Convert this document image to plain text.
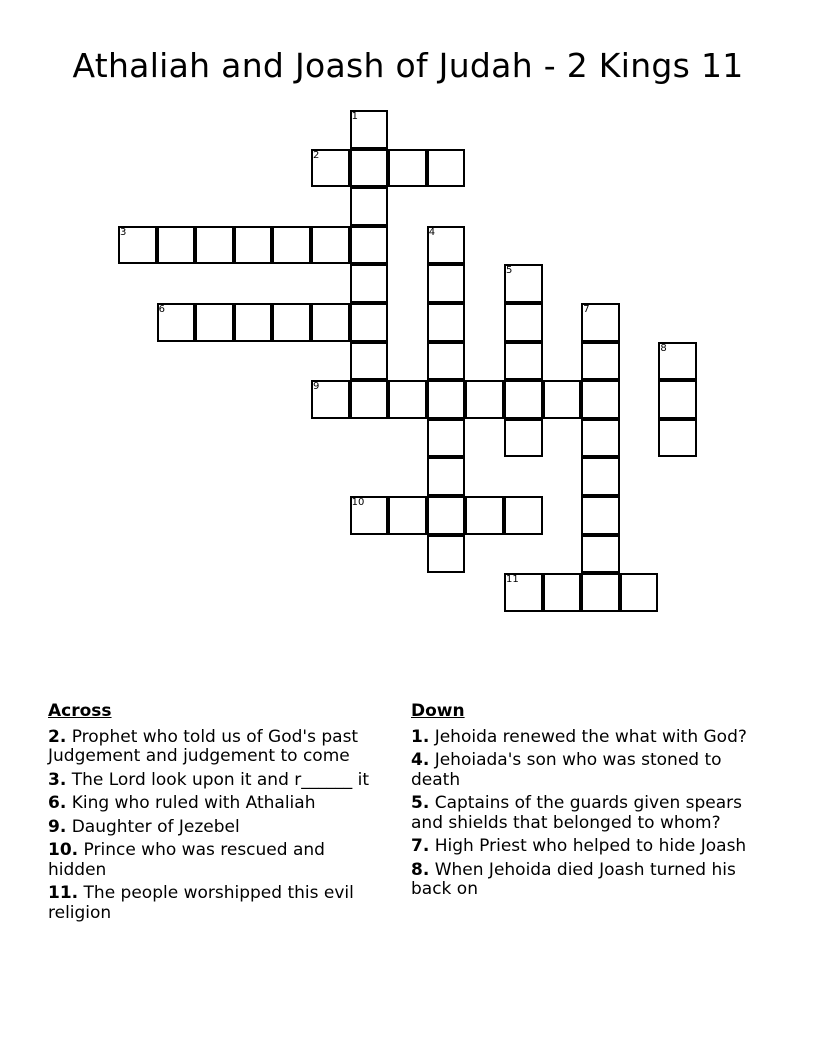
Athaliah and Joash of Judah - 2 Kings 11
1
2
3	4
5
6	7
8
9
10
11
Across
2. Prophet who told us of God's past Judgement and judgement to come
3. The Lord look upon it and r______ it
6. King who ruled with Athaliah
9. Daughter of Jezebel
10. Prince who was rescued and hidden
11. The people worshipped this evil religion
Down
1. Jehoida renewed the what with God?
4. Jehoiada's son who was stoned to death
5. Captains of the guards given spears and shields that belonged to whom?
7. High Priest who helped to hide Joash
8. When Jehoida died Joash turned his back on
